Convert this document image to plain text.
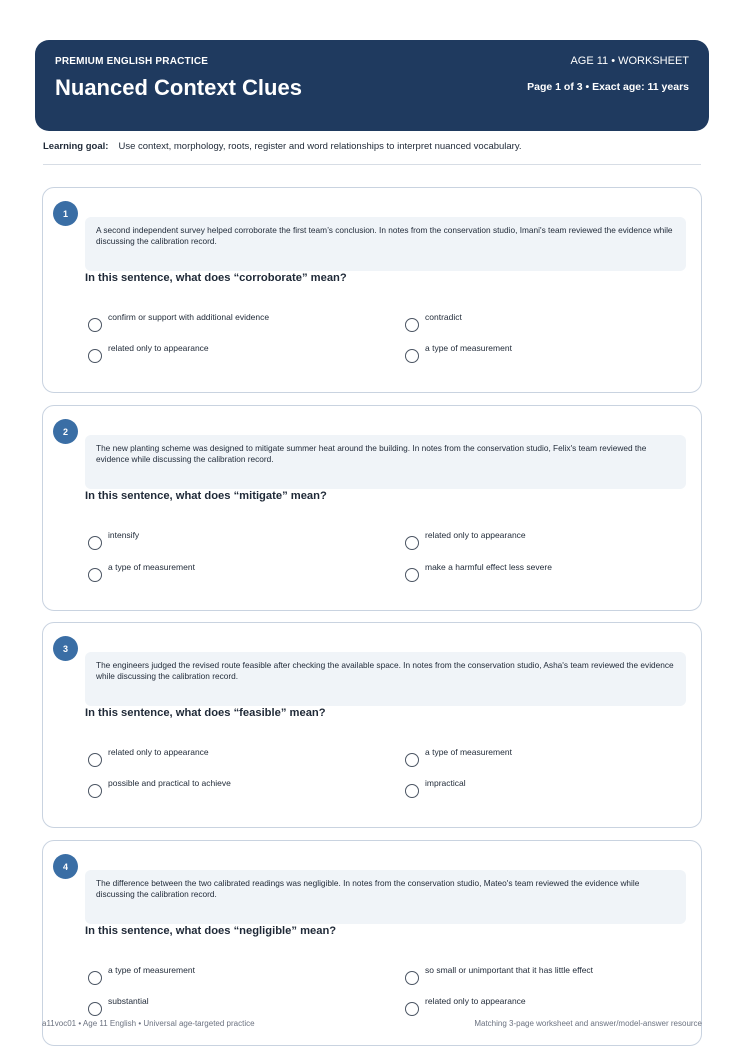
PREMIUM ENGLISH PRACTICE
Nuanced Context Clues
AGE 11 • WORKSHEET
Page 1 of 3 • Exact age: 11 years
Learning goal: Use context, morphology, roots, register and word relationships to interpret nuanced vocabulary.
1
A second independent survey helped corroborate the first team’s conclusion. In notes from the conservation studio, Imani's team reviewed the evidence while discussing the calibration record.
In this sentence, what does “corroborate” mean?
confirm or support with additional evidence	contradict
related only to appearance	a type of measurement
2
The new planting scheme was designed to mitigate summer heat around the building. In notes from the conservation studio, Felix's team reviewed the evidence while discussing the calibration record.
In this sentence, what does “mitigate” mean?
intensify	related only to appearance
a type of measurement	make a harmful effect less severe
3
The engineers judged the revised route feasible after checking the available space. In notes from the conservation studio, Asha's team reviewed the evidence while discussing the calibration record.
In this sentence, what does “feasible” mean?
related only to appearance	a type of measurement
possible and practical to achieve	impractical
4
The difference between the two calibrated readings was negligible. In notes from the conservation studio, Mateo's team reviewed the evidence while discussing the calibration record.
In this sentence, what does “negligible” mean?
a type of measurement	so small or unimportant that it has little effect
substantial	related only to appearance
a11voc01 • Age 11 English • Universal age-targeted practice	Matching 3-page worksheet and answer/model-answer resource
